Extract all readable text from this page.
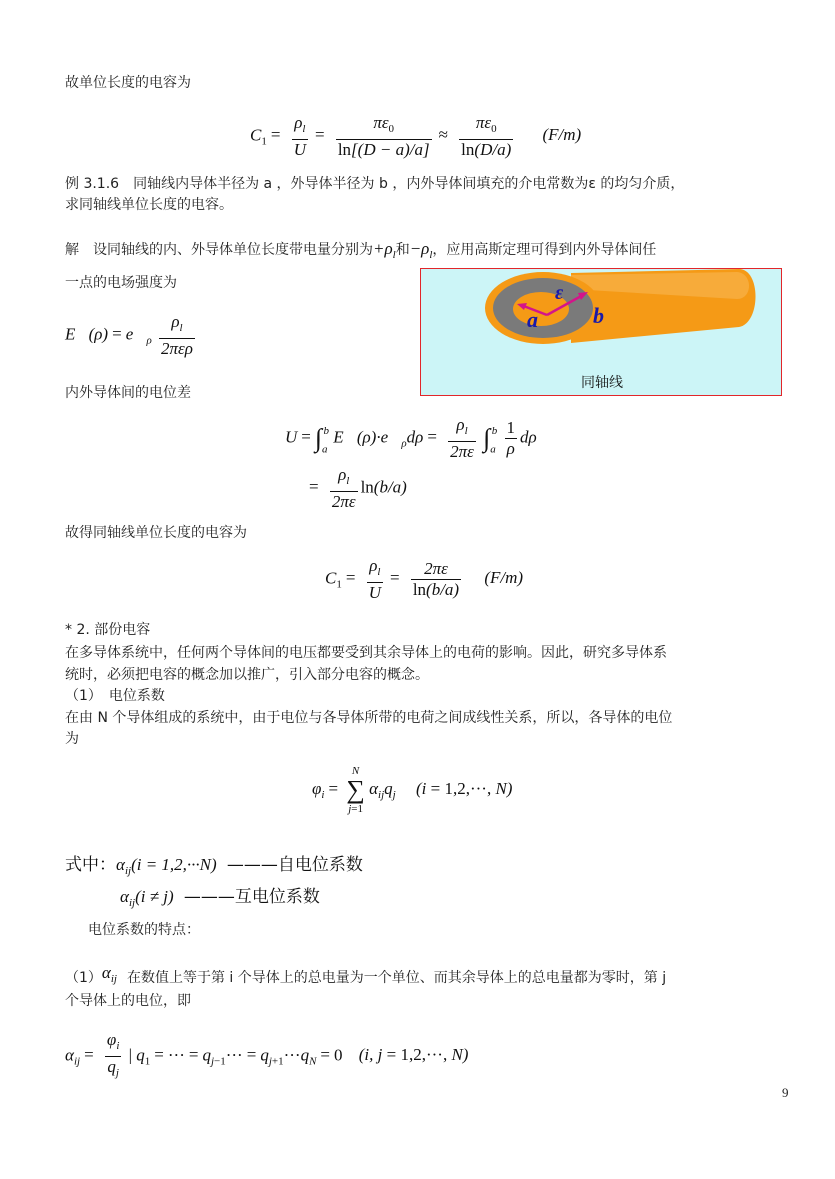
故单位长度的电容为
$C_1 = \frac{\rho_l}{U} = \frac{\pi\varepsilon_0}{\ln[(D - a)/a]} \approx \frac{\pi\varepsilon_0}{\ln(D/a)} (F/m)$
例 3.1.6　同轴线内导体半径为 a ，外导体半径为 b ，内外导体间填充的介电常数为ε 的均匀介质，
求同轴线单位长度的电容。
解　设同轴线的内、外导体单位长度带电量分别为$+\rho_l$和$-\rho_l$，应用高斯定理可得到内外导体间任
一点的电场强度为	ε
a	b
同轴线
E⃗(ρ) = $e⃗_\rho \frac{\rho_l}{\text{2περ}}$
内外导体间的电位差
$U = \int_a^b$ $E⃗(\rho)\cdot e⃗_\rho d\rho = \frac{\rho_l}{2\pi\varepsilon} \int_a^b \frac{1}{\rho}$ dρ
= $\frac{\rho_l}{2\pi\varepsilon} \ln(b/a)$
故得同轴线单位长度的电容为
$C_1 = \frac{\rho_l}{U} = \frac{2\pi\varepsilon}{\ln(b/a)} (F/m)$
* 2. 部份电容
在多导体系统中，任何两个导体间的电压都要受到其余导体上的电荷的影响。因此，研究多导体系
统时，必须把电容的概念加以推广，引入部分电容的概念。
（1）　电位系数
在由 N 个导体组成的系统中，由于电位与各导体所带的电荷之间成线性关系，所以，各导体的电位
为
$\varphi_i$ =
N
∑
j=1
$\alpha_{ij}q_j$ (i = 1,2,···, N)
式中：$\alpha_{ij}(i = 1,2,\cdot\cdot\cdot N)$ ———自电位系数
$\alpha_{ij}(i \ne j)$ ———互电位系数
电位系数的特点：
$(1)\alpha_{ij}$ 在数值上等于第 i 个导体上的总电量为一个单位、而其余导体上的总电量都为零时，第 j
个导体上的电位，即
$\alpha_{ij} = \frac{\varphi_i}{q_j}$ | $q_1$ = ··· = $q_{j-1}\cdot\cdot\cdot = q_{j+1}\cdot\cdot\cdot q_N = 0$ (i, j = 1,2,···, N)
9
